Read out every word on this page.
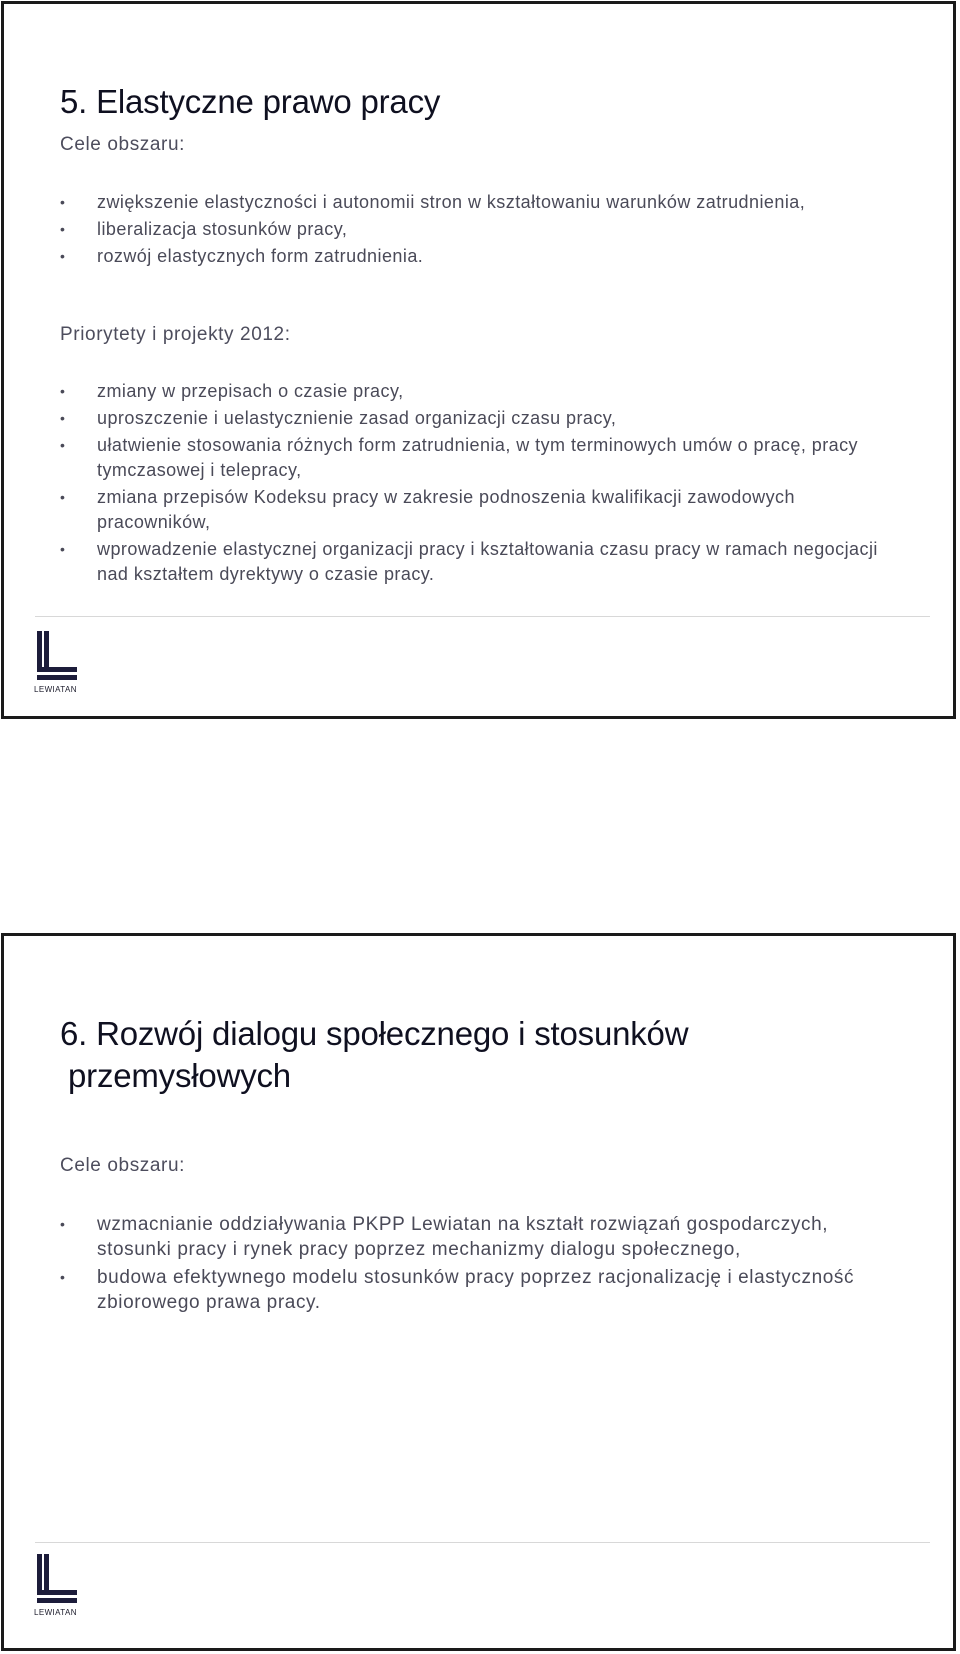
5. Elastyczne prawo pracy

Cele obszaru:

• zwiększenie elastyczności i autonomii stron w kształtowaniu warunków zatrudnienia,
• liberalizacja stosunków pracy,
• rozwój elastycznych form zatrudnienia.

Priorytety i projekty 2012:

• zmiany w przepisach o czasie pracy,
• uproszczenie i uelastycznienie zasad organizacji czasu pracy,
• ułatwienie stosowania różnych form zatrudnienia, w tym terminowych umów o pracę, pracy tymczasowej i telepracy,
• zmiana przepisów Kodeksu pracy w zakresie podnoszenia kwalifikacji zawodowych pracowników,
• wprowadzenie elastycznej organizacji pracy i kształtowania czasu pracy w ramach negocjacji nad kształtem dyrektywy o czasie pracy.
LEWIATAN
6. Rozwój dialogu społecznego i stosunków
przemysłowych

Cele obszaru:

• wzmacnianie oddziaływania PKPP Lewiatan na kształt rozwiązań gospodarczych, stosunki pracy i rynek pracy poprzez mechanizmy dialogu społecznego,
• budowa efektywnego modelu stosunków pracy poprzez racjonalizację i elastyczność zbiorowego prawa pracy.
LEWIATAN
